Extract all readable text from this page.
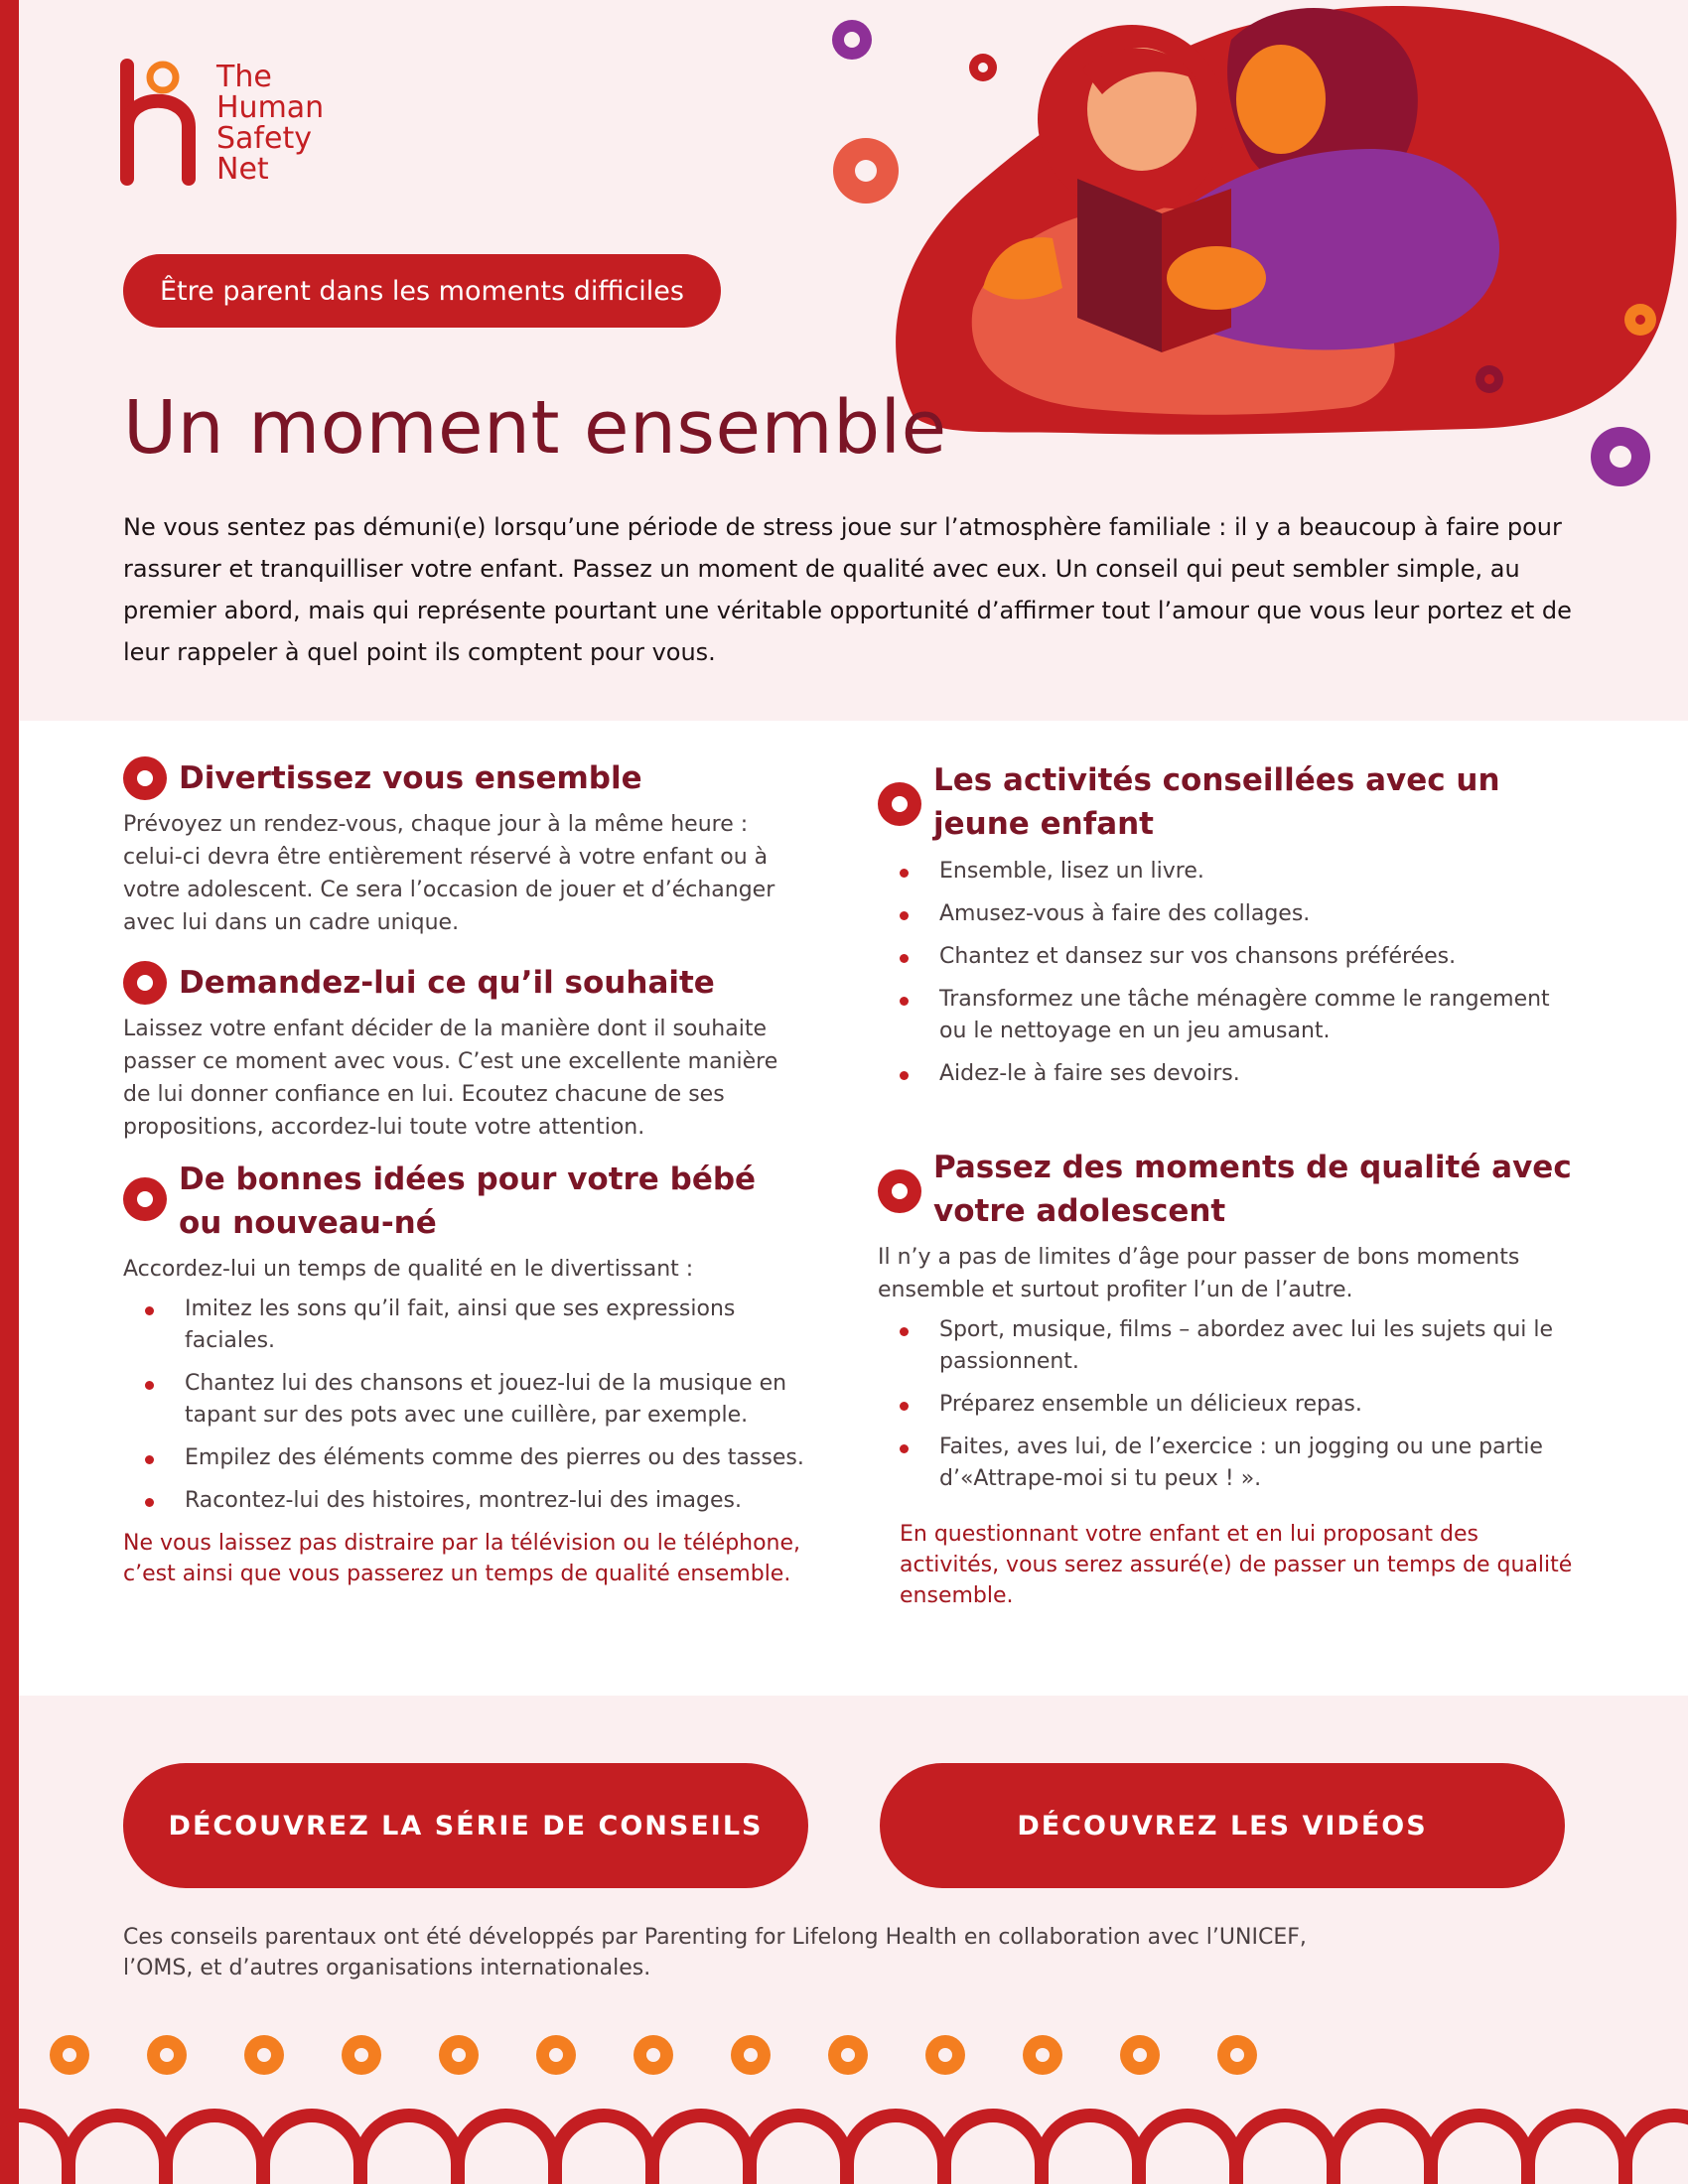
The
Human
Safety
Net
Être parent dans les moments difficiles
Un moment ensemble

Ne vous sentez pas démuni(e) lorsqu’une période de stress joue sur l’atmosphère familiale : il y a beaucoup à faire pour rassurer et tranquilliser votre enfant. Passez un moment de qualité avec eux. Un conseil qui peut sembler simple, au premier abord, mais qui représente pourtant une véritable opportunité d’affirmer tout l’amour que vous leur portez et de leur rappeler à quel point ils comptent pour vous.

Divertissez vous ensemble

Prévoyez un rendez-vous, chaque jour à la même heure : celui-ci devra être entièrement réservé à votre enfant ou à votre adolescent. Ce sera l’occasion de jouer et d’échanger avec lui dans un cadre unique.

Demandez-lui ce qu’il souhaite

Laissez votre enfant décider de la manière dont il souhaite passer ce moment avec vous. C’est une excellente manière de lui donner confiance en lui. Ecoutez chacune de ses propositions, accordez-lui toute votre attention.

De bonnes idées pour votre bébé ou nouveau-né

Accordez-lui un temps de qualité en le divertissant :

Imitez les sons qu’il fait, ainsi que ses expressions faciales.
Chantez lui des chansons et jouez-lui de la musique en tapant sur des pots avec une cuillère, par exemple.
Empilez des éléments comme des pierres ou des tasses.
Racontez-lui des histoires, montrez-lui des images.

Ne vous laissez pas distraire par la télévision ou le téléphone, c’est ainsi que vous passerez un temps de qualité ensemble.

Les activités conseillées avec un jeune enfant
Ensemble, lisez un livre.
Amusez-vous à faire des collages.
Chantez et dansez sur vos chansons préférées.
Transformez une tâche ménagère comme le rangement ou le nettoyage en un jeu amusant.
Aidez-le à faire ses devoirs.
Passez des moments de qualité avec votre adolescent

Il n’y a pas de limites d’âge pour passer de bons moments ensemble et surtout profiter l’un de l’autre.

Sport, musique, films – abordez avec lui les sujets qui le passionnent.
Préparez ensemble un délicieux repas.
Faites, aves lui, de l’exercice : un jogging ou une partie d’«Attrape-moi si tu peux ! ».

En questionnant votre enfant et en lui proposant des activités, vous serez assuré(e) de passer un temps de qualité ensemble.

DÉCOUVREZ LA SÉRIE DE CONSEILS	DÉCOUVREZ LES VIDÉOS

Ces conseils parentaux ont été développés par Parenting for Lifelong Health en collaboration avec l’UNICEF, l’OMS, et d’autres organisations internationales.
